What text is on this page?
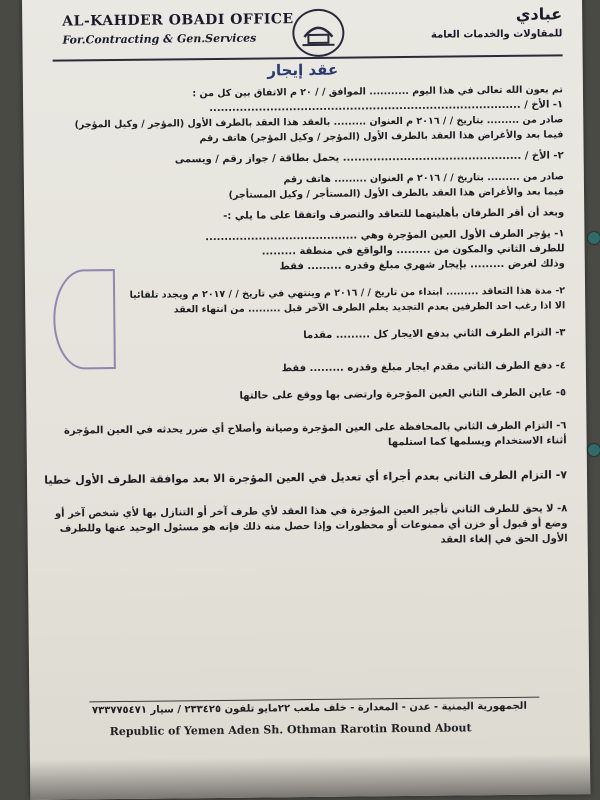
AL-KAHDER OBADI OFFICE
For.Contracting & Gen.Services
عبادي
للمقاولات والخدمات العامة
عقد إيجار
تم بعون الله تعالى في هذا اليوم ........... الموافق / / ٢٠ م الاتفاق بين كل من :
١- الأخ / ..................................................................................
صادر من ......... بتاريخ / / ٢٠١٦ م العنوان ......... بالعقد هذا العقد بالطرف الأول (المؤجر / وكيل المؤجر)
فيما بعد والأغراض هذا العقد بالطرف الأول (المؤجر / وكيل المؤجر) هاتف رقم
٢- الأخ / ............................................... يحمل بطاقة / جواز رقم / ويسمى
صادر من ......... بتاريخ / / ٢٠١٦ م العنوان ......... هاتف رقم
فيما بعد والأغراض هذا العقد بالطرف الأول (المستأجر / وكيل المستأجر)
وبعد أن أقر الطرفان بأهليتهما للتعاقد والتصرف واتفقا على ما يلي :-
١- يؤجر الطرف الأول العين المؤجرة وهي ........................................
للطرف الثاني والمكون من ......... والواقع في منطقة .........
وذلك لغرض ......... بإيجار شهري مبلغ وقدره ......... فقط
٢- مدة هذا التعاقد ......... ابتداء من تاريخ / / ٢٠١٦ م وينتهي في تاريخ / / ٢٠١٧ م ويجدد تلقائيا
الا اذا رغب احد الطرفين بعدم التجديد يعلم الطرف الآخر قبل ......... من انتهاء العقد
٣- التزام الطرف الثاني بدفع الايجار كل ......... مقدما
٤- دفع الطرف الثاني مقدم ايجار مبلغ وقدره ......... فقط
٥- عاين الطرف الثاني العين المؤجرة وارتضى بها ووقع على حالتها
٦- التزام الطرف الثاني بالمحافظة على العين المؤجرة وصيانة وأصلاح أي ضرر يحدثه في العين المؤجرة
أثناء الاستخدام ويسلمها كما استلمها
٧- التزام الطرف الثاني بعدم أجراء أي تعديل في العين المؤجرة الا بعد موافقة الطرف الأول خطيا
٨- لا يحق للطرف الثاني تأجير العين المؤجرة في هذا العقد لأي طرف آخر أو التنازل بها لأي شخص آخر أو
وضع أو قبول أو خزن أي ممنوعات أو محظورات وإذا حصل منه ذلك فإنه هو مسئول الوحيد عنها وللطرف
الأول الحق في إلغاء العقد
الجمهورية اليمنية - عدن - المعدارة - خلف ملعب ٢٢مايو تلفون ٢٣٣٤٢٥ / سيار ٧٣٣٧٧٥٤٧١
Republic of Yemen Aden Sh. Othman Rarotin Round About
